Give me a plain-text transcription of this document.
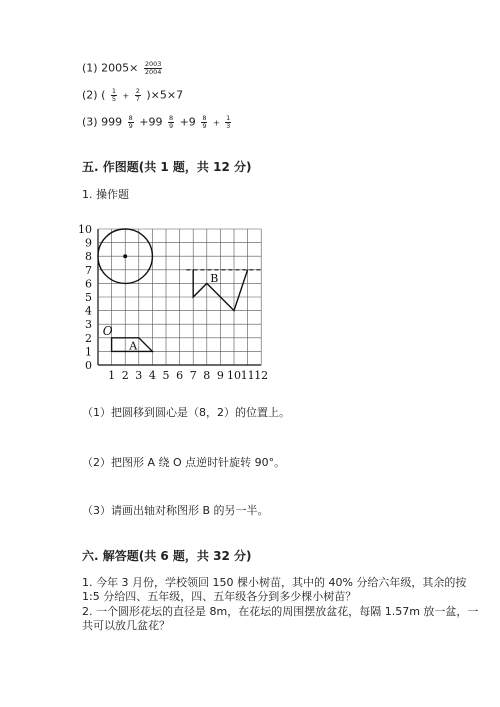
(1) $2005\times \frac{2003}{2004}$
(2) ( $\frac{1}{5} + \frac{2}{7} )\times 5\times 7$
(3) $999 \frac{8}{9} +99 \frac{8}{9} +9 \frac{8}{9} + \frac{1}{3}$
五. 作图题(共 1 题，共 12 分)
1. 操作题
1 2 3 4 5 6 7 8 9 10 11 12
1
2
3
4
5
6
7
8
9
10
0
O
A
B
（1）把圆移到圆心是（8，2）的位置上。
（2）把图形 A 绕 O 点逆时针旋转 90°。
（3）请画出轴对称图形 B 的另一半。
六. 解答题(共 6 题，共 32 分)
1. 今年 3 月份，学校领回 150 棵小树苗，其中的 40% 分给六年级，其余的按
1:5 分给四、五年级，四、五年级各分到多少棵小树苗？
2. 一个圆形花坛的直径是 8m，在花坛的周围摆放盆花，每隔 1.57m 放一盆，一
共可以放几盆花？
